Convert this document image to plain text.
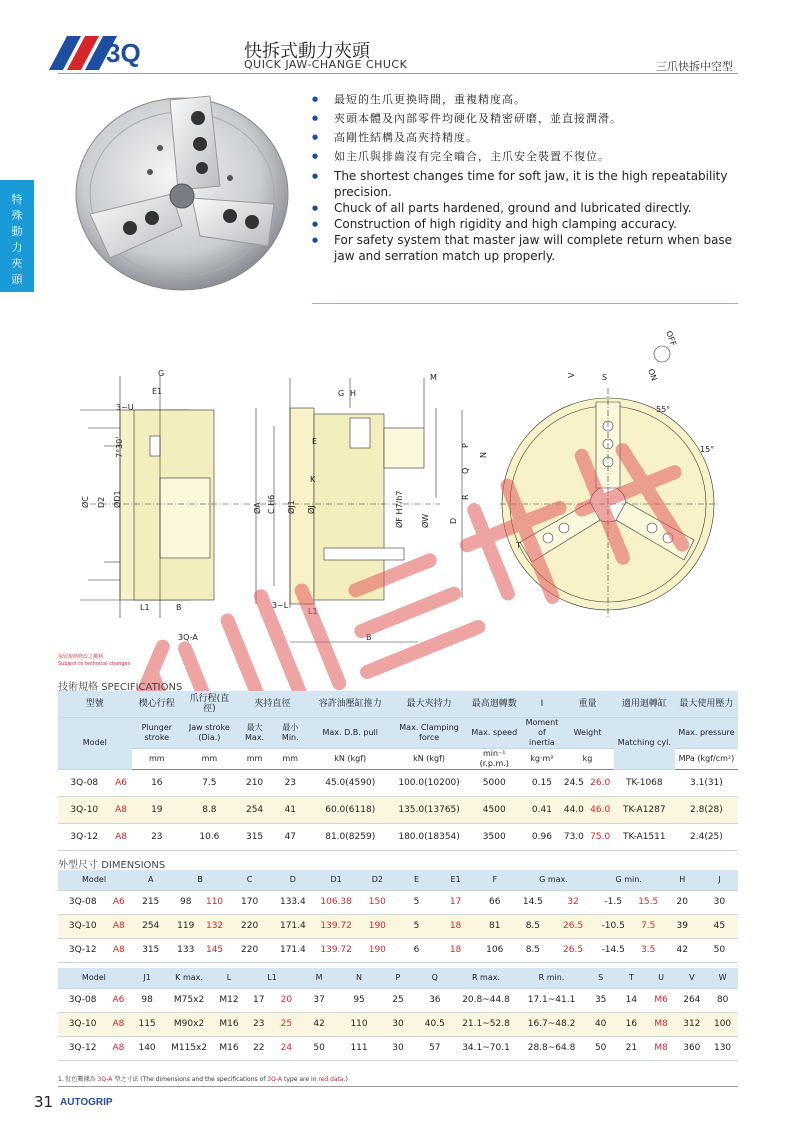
3Q	快拆式動力夾頭
QUICK JAW-CHANGE CHUCK	三爪快拆中空型
特殊動力夾頭
● 最短的生爪更換時間，重複精度高。
● 夾頭本體及內部零件均硬化及精密研磨，並直接潤滑。
● 高剛性結構及高夾持精度。
● 如主爪與排齒沒有完全嚙合，主爪安全裝置不復位。
● The shortest changes time for soft jaw, it is the high repeatability precision.
● Chuck of all parts hardened, ground and lubricated directly.
● Construction of high rigidity and high clamping accuracy.
● For safety system that master jaw will complete return when base jaw and serration match up properly.
G
E1
3~U
7°30'
ØC D2 ØD1
L1	B
3Q-A
G H
M
E	P
Q
N
R
K
ØA C H6 ØJ1 ØJ	ØF H7/h7 ØW D
3~L
L1
B
S
V
T
55°
15°
OFF
ON
保留規格修改之權利
Subject to technical changes
技術規格 SPECIFICATIONS
型號		楔心行程	爪行程(直徑)	夾持直徑		容許油壓缸推力	最大夾持力	最高迴轉數	I	重量		適用迴轉缸	最大使用壓力
Model		Plunger stroke	Jaw stroke (Dia.)	最大
Max.	最小
Min.	Max. D.B. pull	Max. Clamping force	Max. speed	Moment of inertia	Weight		Matching cyl.	Max. pressure
		mm	mm	mm	mm	kN (kgf)	kN (kgf)	min⁻¹ (r.p.m.)	kg·m²	kg			MPa (kgf/cm²)
3Q-08	A6	16	7.5	210	23	45.0(4590)	100.0(10200)	5000	0.15	24.5	26.0	TK-1068	3.1(31)
3Q-10	A8	19	8.8	254	41	60.0(6118)	135.0(13765)	4500	0.41	44.0	46.0	TK-A1287	2.8(28)
3Q-12	A8	23	10.6	315	47	81.0(8259)	180.0(18354)	3500	0.96	73.0	75.0	TK-A1511	2.4(25)
外型尺寸 DIMENSIONS
Model		A	B		C	D	D1	D2	E	E1	F	G max.		G min.		H	J
3Q-08	A6	215	98	110	170	133.4	106.38	150	5	17	66	14.5	32	-1.5	15.5	20	30
3Q-10	A8	254	119	132	220	171.4	139.72	190	5	18	81	8.5	26.5	-10.5	7.5	39	45
3Q-12	A8	315	133	145	220	171.4	139.72	190	6	18	106	8.5	26.5	-14.5	3.5	42	50
Model		J1	K max.	L	L1		M	N	P	Q	R max.	R min.	S	T	U	V	W
3Q-08	A6	98	M75x2	M12	17	20	37	95	25	36	20.8~44.8	17.1~41.1	35	14	M6	264	80
3Q-10	A8	115	M90x2	M16	23	25	42	110	30	40.5	21.1~52.8	16.7~48.2	40	16	M8	312	100
3Q-12	A8	140	M115x2	M16	22	24	50	111	30	57	34.1~70.1	28.8~64.8	50	21	M8	360	130
1. 紅色數據為 3Q-A 型之寸法 (The dimensions and the specifications of 3Q-A type are in red data.)
31 AUTOGRIP
